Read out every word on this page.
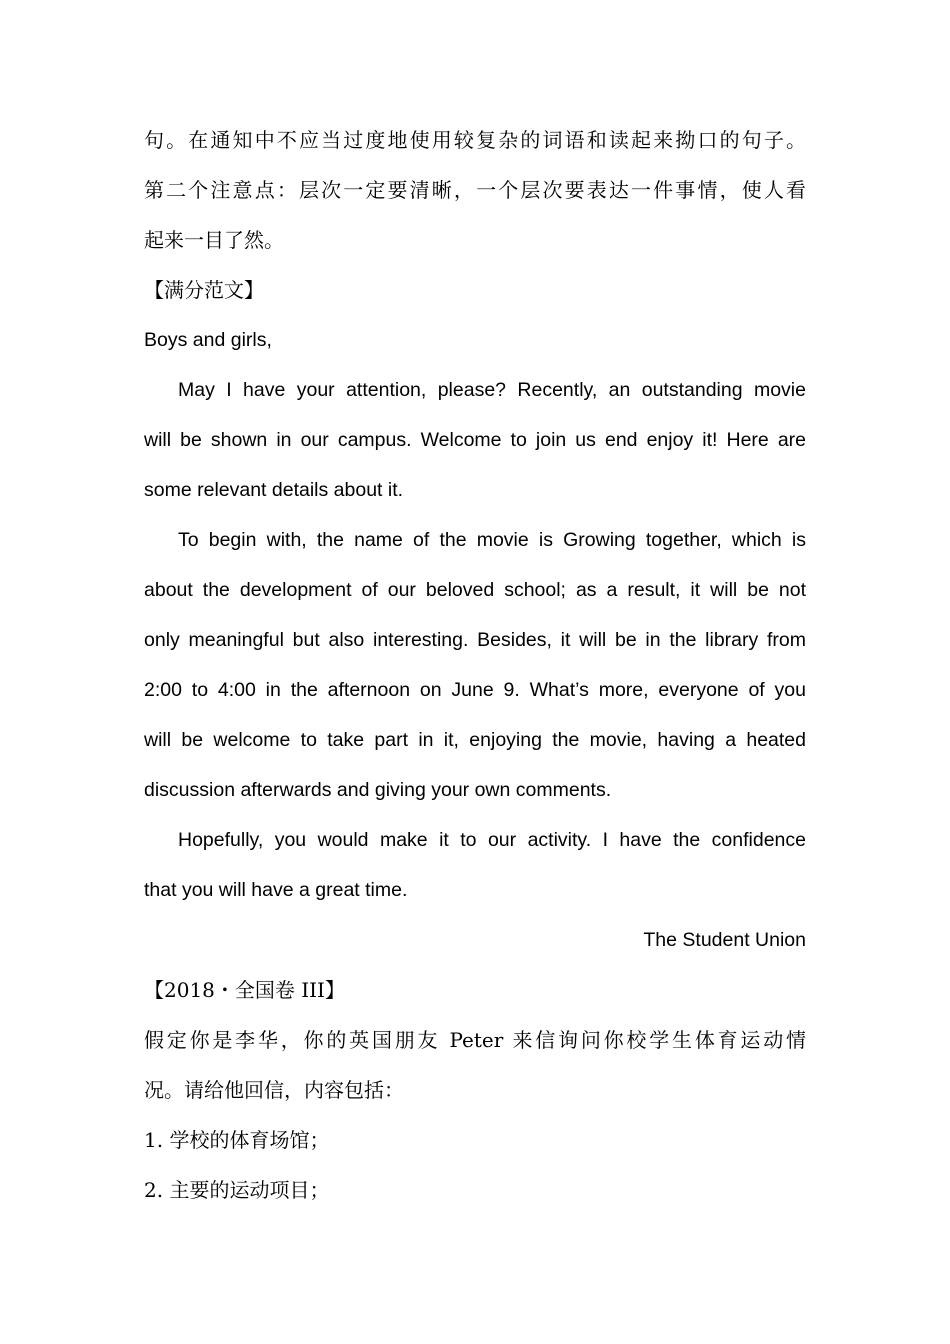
句。在通知中不应当过度地使用较复杂的词语和读起来拗口的句子。
第二个注意点：层次一定要清晰，一个层次要表达一件事情，使人看
起来一目了然。
【满分范文】
Boys and girls,
May I have your attention, please? Recently, an outstanding movie
will be shown in our campus. Welcome to join us end enjoy it! Here are
some relevant details about it.
To begin with, the name of the movie is Growing together, which is
about the development of our beloved school; as a result, it will be not
only meaningful but also interesting. Besides, it will be in the library from
2:00 to 4:00 in the afternoon on June 9. What’s more, everyone of you
will be welcome to take part in it, enjoying the movie, having a heated
discussion afterwards and giving your own comments.
Hopefully, you would make it to our activity. I have the confidence
that you will have a great time.
The Student Union
【2018・全国卷 III】
假定你是李华，你的英国朋友 Peter 来信询问你校学生体育运动情
况。请给他回信，内容包括：
1. 学校的体育场馆；
2. 主要的运动项目；
